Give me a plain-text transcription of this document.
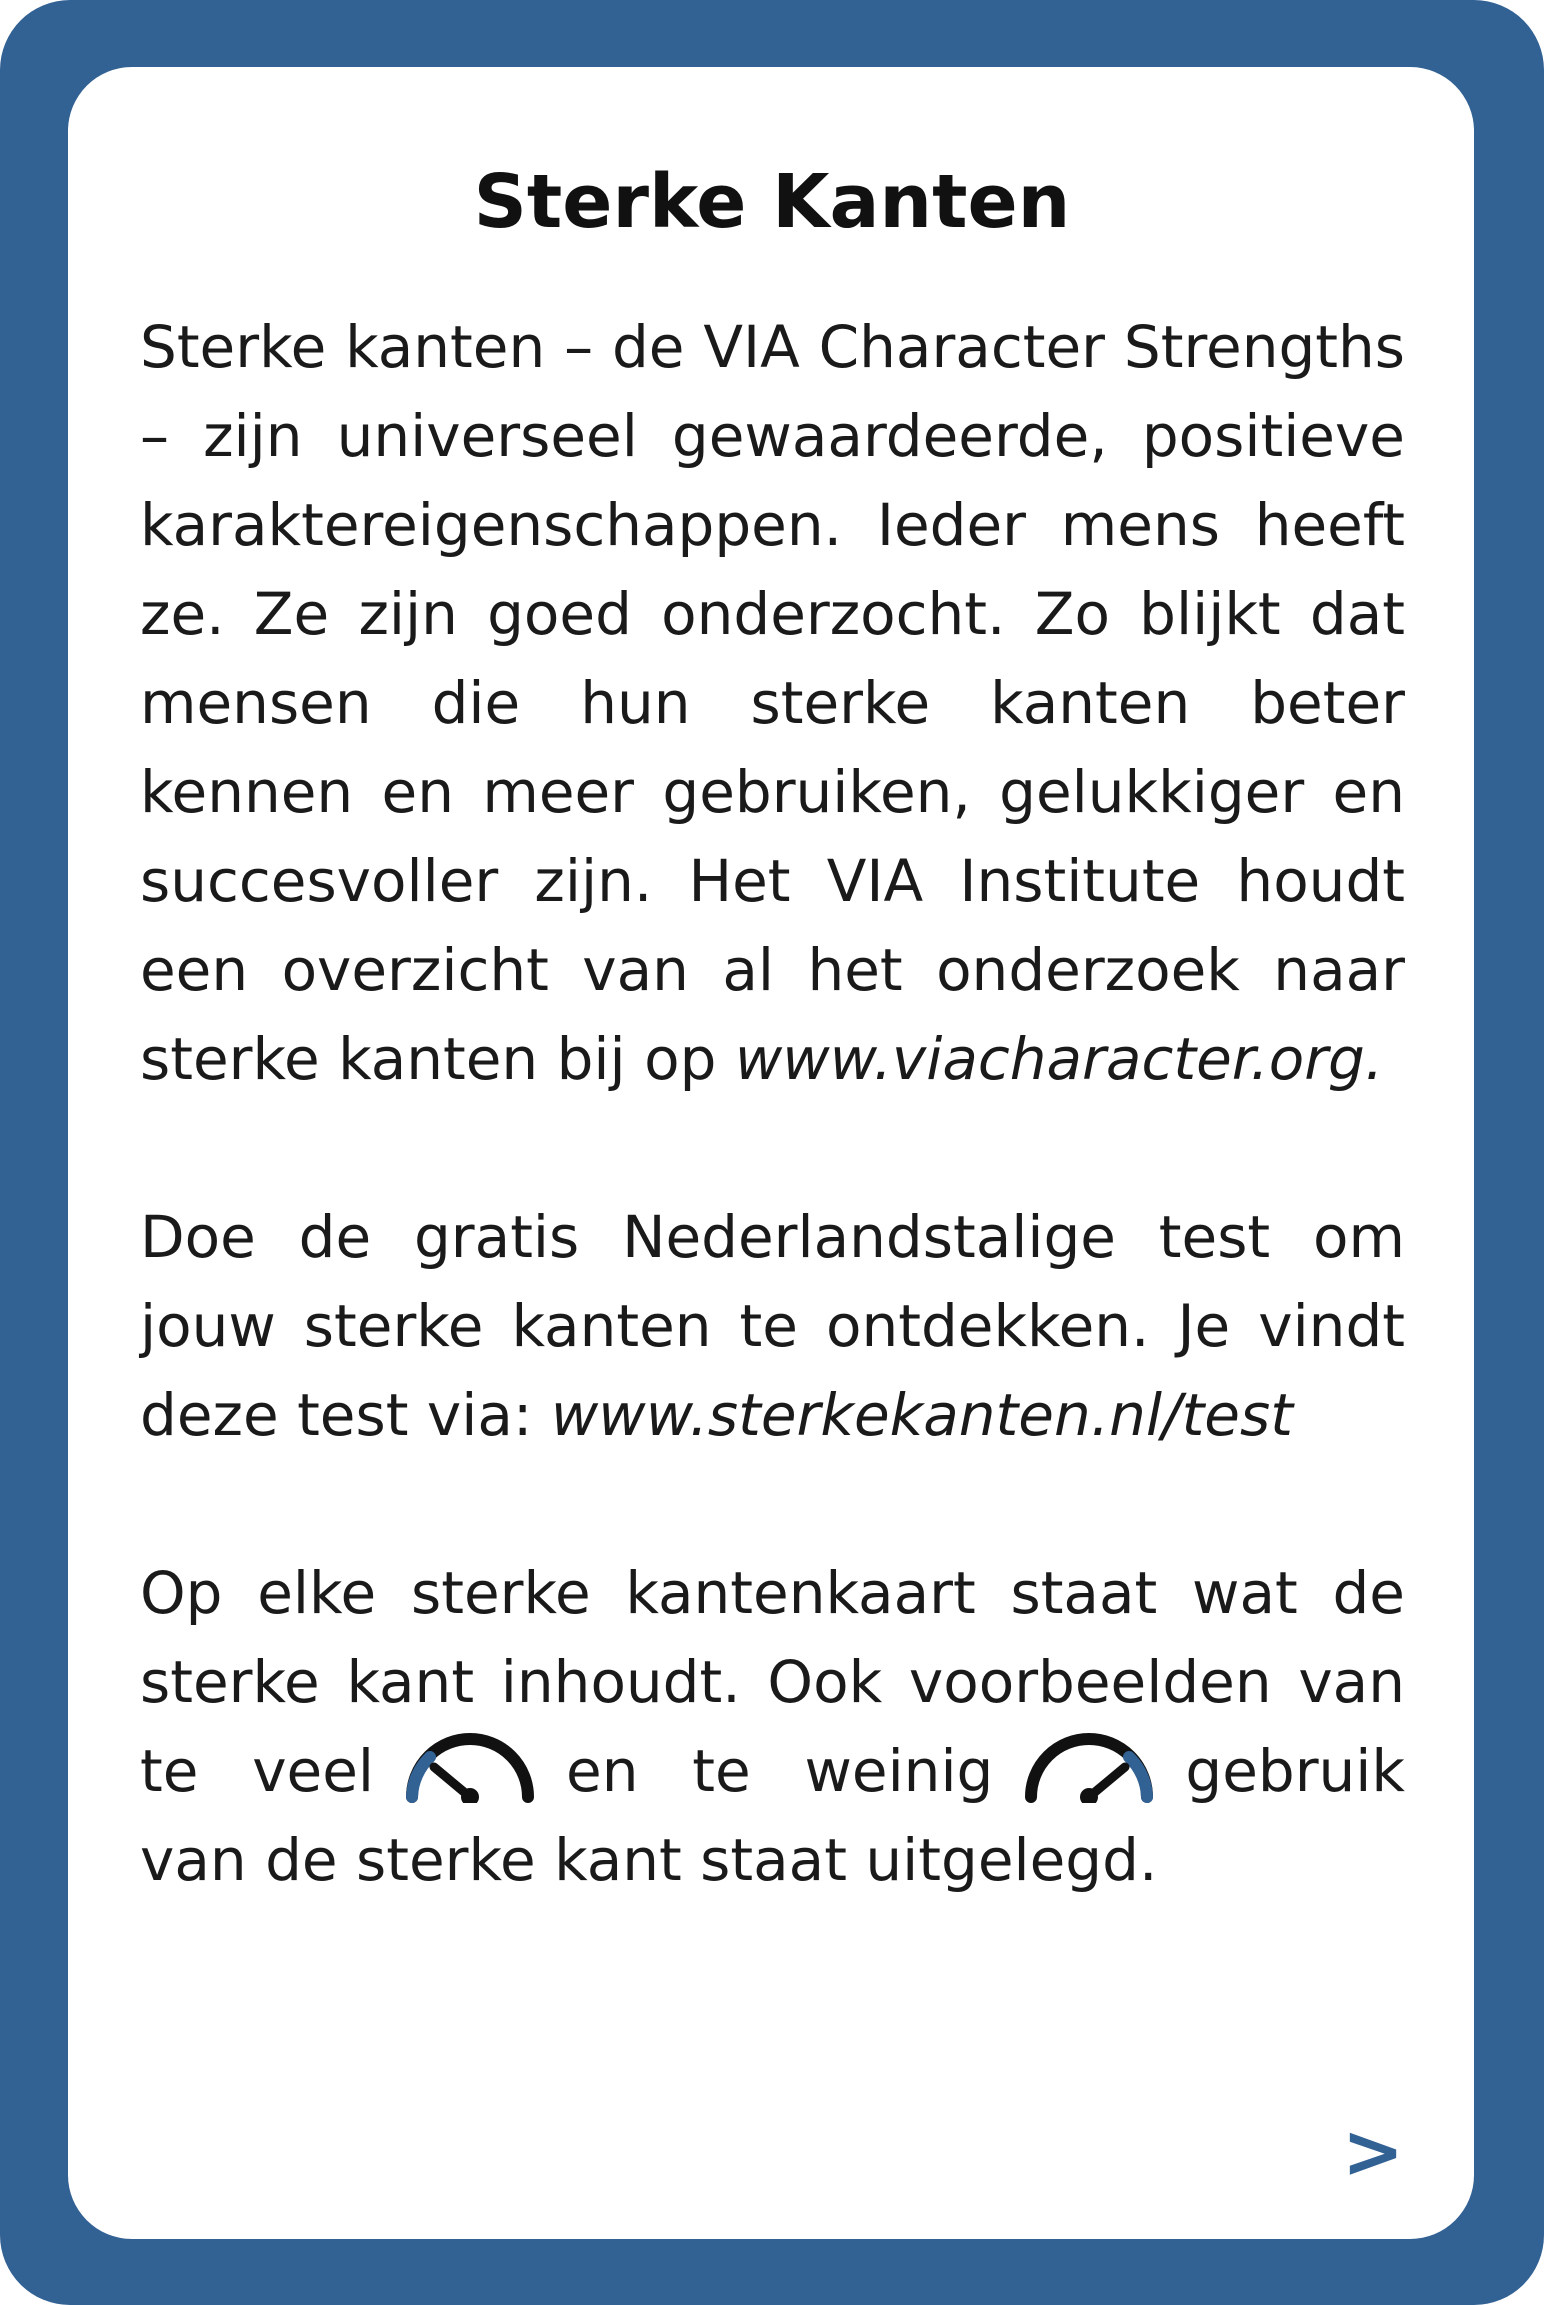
Sterke Kanten

Sterke kanten – de VIA Character Strengths – zijn universeel gewaardeerde, positieve karaktereigenschappen. Ieder mens heeft ze. Ze zijn goed onderzocht. Zo blijkt dat mensen die hun sterke kanten beter kennen en meer gebruiken, gelukkiger en succesvoller zijn. Het VIA Institute houdt een overzicht van al het onderzoek naar sterke kanten bij op www.viacharacter.org.

Doe de gratis Nederlandstalige test om jouw sterke kanten te ontdekken. Je vindt deze test via: www.sterkekanten.nl/test

Op elke sterke kantenkaart staat wat de sterke kant inhoudt. Ook voorbeelden van te veel	en te weinig	gebruik van de sterke kant staat uitgelegd.

>
